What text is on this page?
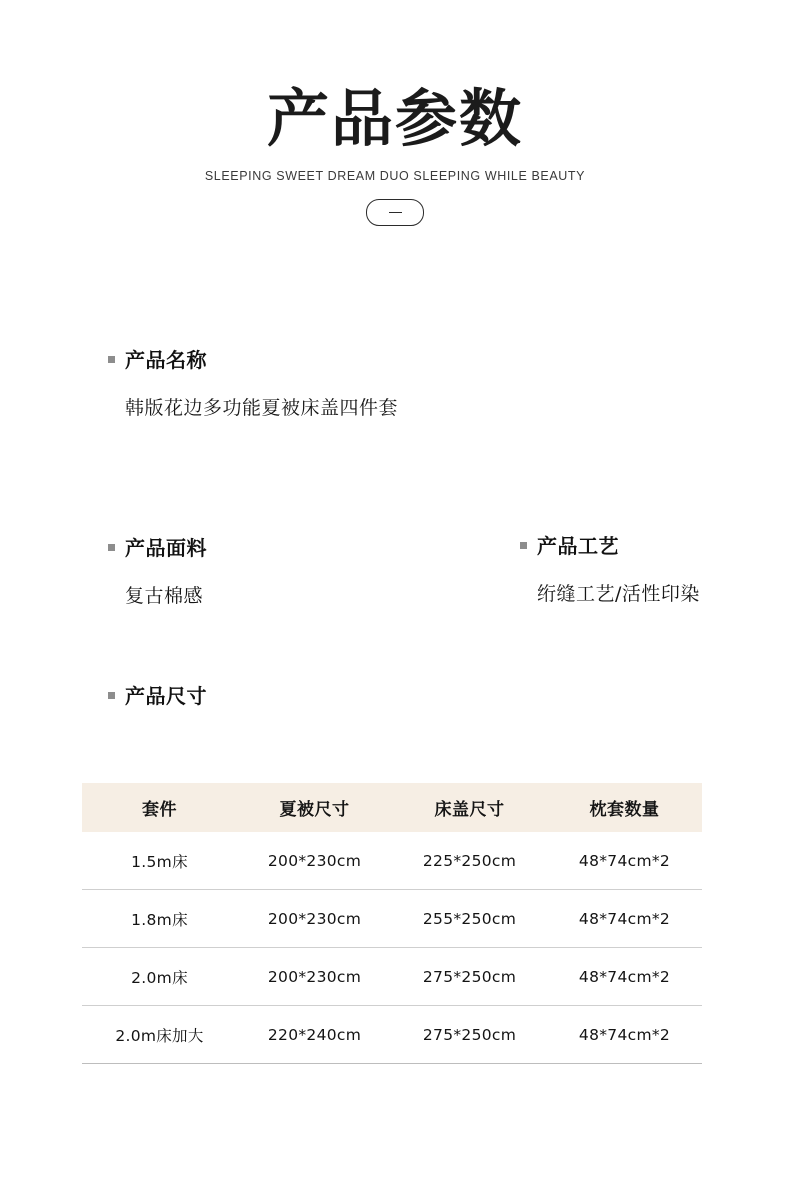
产品参数
SLEEPING SWEET DREAM DUO SLEEPING WHILE BEAUTY
产品名称
韩版花边多功能夏被床盖四件套
产品面料
复古棉感
产品工艺
绗缝工艺/活性印染
产品尺寸
套件	夏被尺寸	床盖尺寸	枕套数量
1.5m床	200*230cm	225*250cm	48*74cm*2
1.8m床	200*230cm	255*250cm	48*74cm*2
2.0m床	200*230cm	275*250cm	48*74cm*2
2.0m床加大	220*240cm	275*250cm	48*74cm*2
